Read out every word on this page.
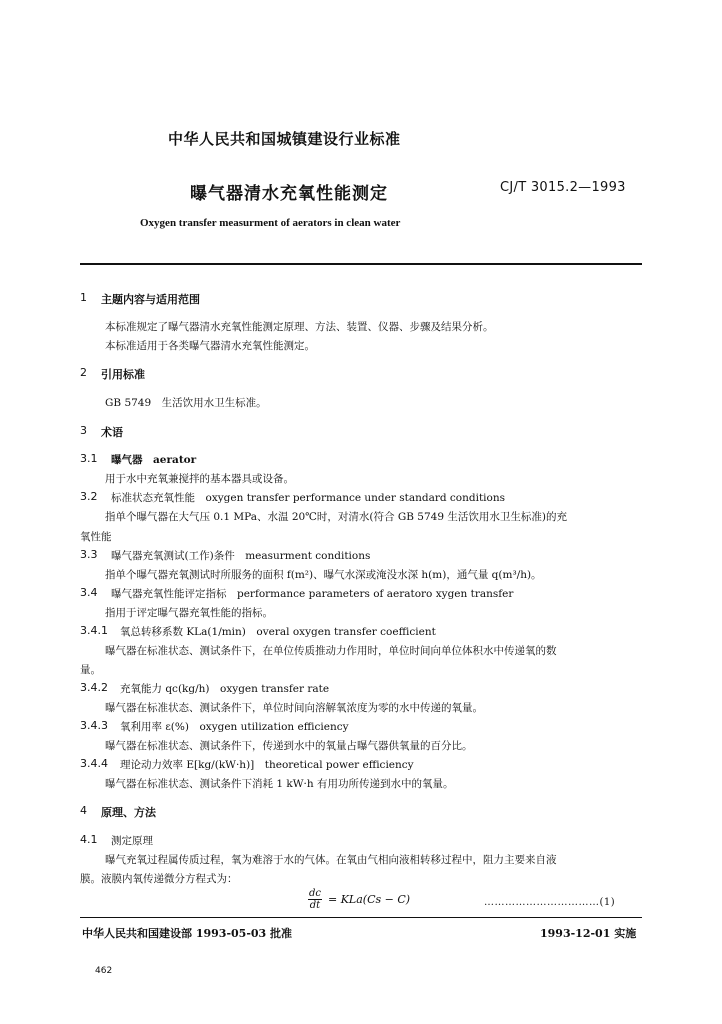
中华人民共和国城镇建设行业标准
曝气器清水充氧性能测定	CJ/T 3015.2—1993
Oxygen transfer measurment of aerators in clean water
1 主题内容与适用范围
本标准规定了曝气器清水充氧性能测定原理、方法、装置、仪器、步骤及结果分析。
本标准适用于各类曝气器清水充氧性能测定。
2 引用标准
GB 5749　生活饮用水卫生标准。
3 术语
3.1 曝气器　aerator
用于水中充氧兼搅拌的基本器具或设备。
3.2 标准状态充氧性能　oxygen transfer performance under standard conditions
指单个曝气器在大气压 0.1 MPa、水温 20℃时，对清水(符合 GB 5749 生活饮用水卫生标准)的充
氧性能
3.3 曝气器充氧测试(工作)条件　measurment conditions
指单个曝气器充氧测试时所服务的面积 f(m²)、曝气水深或淹没水深 h(m)，通气量 q(m³/h)。
3.4 曝气器充氧性能评定指标　performance parameters of aeratoro xygen transfer
指用于评定曝气器充氧性能的指标。
3.4.1 氧总转移系数 KLa(1/min)　overal oxygen transfer coefficient
曝气器在标准状态、测试条件下，在单位传质推动力作用时，单位时间向单位体积水中传递氧的数
量。
3.4.2 充氧能力 qc(kg/h)　oxygen transfer rate
曝气器在标准状态、测试条件下，单位时间向溶解氧浓度为零的水中传递的氧量。
3.4.3 氧利用率 ε(%)　oxygen utilization efficiency
曝气器在标准状态、测试条件下，传递到水中的氧量占曝气器供氧量的百分比。
3.4.4 理论动力效率 E[kg/(kW·h)]　theoretical power efficiency
曝气器在标准状态、测试条件下消耗 1 kW·h 有用功所传递到水中的氧量。
4 原理、方法
4.1 测定原理
曝气充氧过程属传质过程，氧为难溶于水的气体。在氧由气相向液相转移过程中，阻力主要来自液
膜。液膜内氧传递微分方程式为：
$\frac{dc}{dt} = KLa(Cs - C)$	……………………………(1)
中华人民共和国建设部 1993-05-03 批准	1993-12-01 实施
462
